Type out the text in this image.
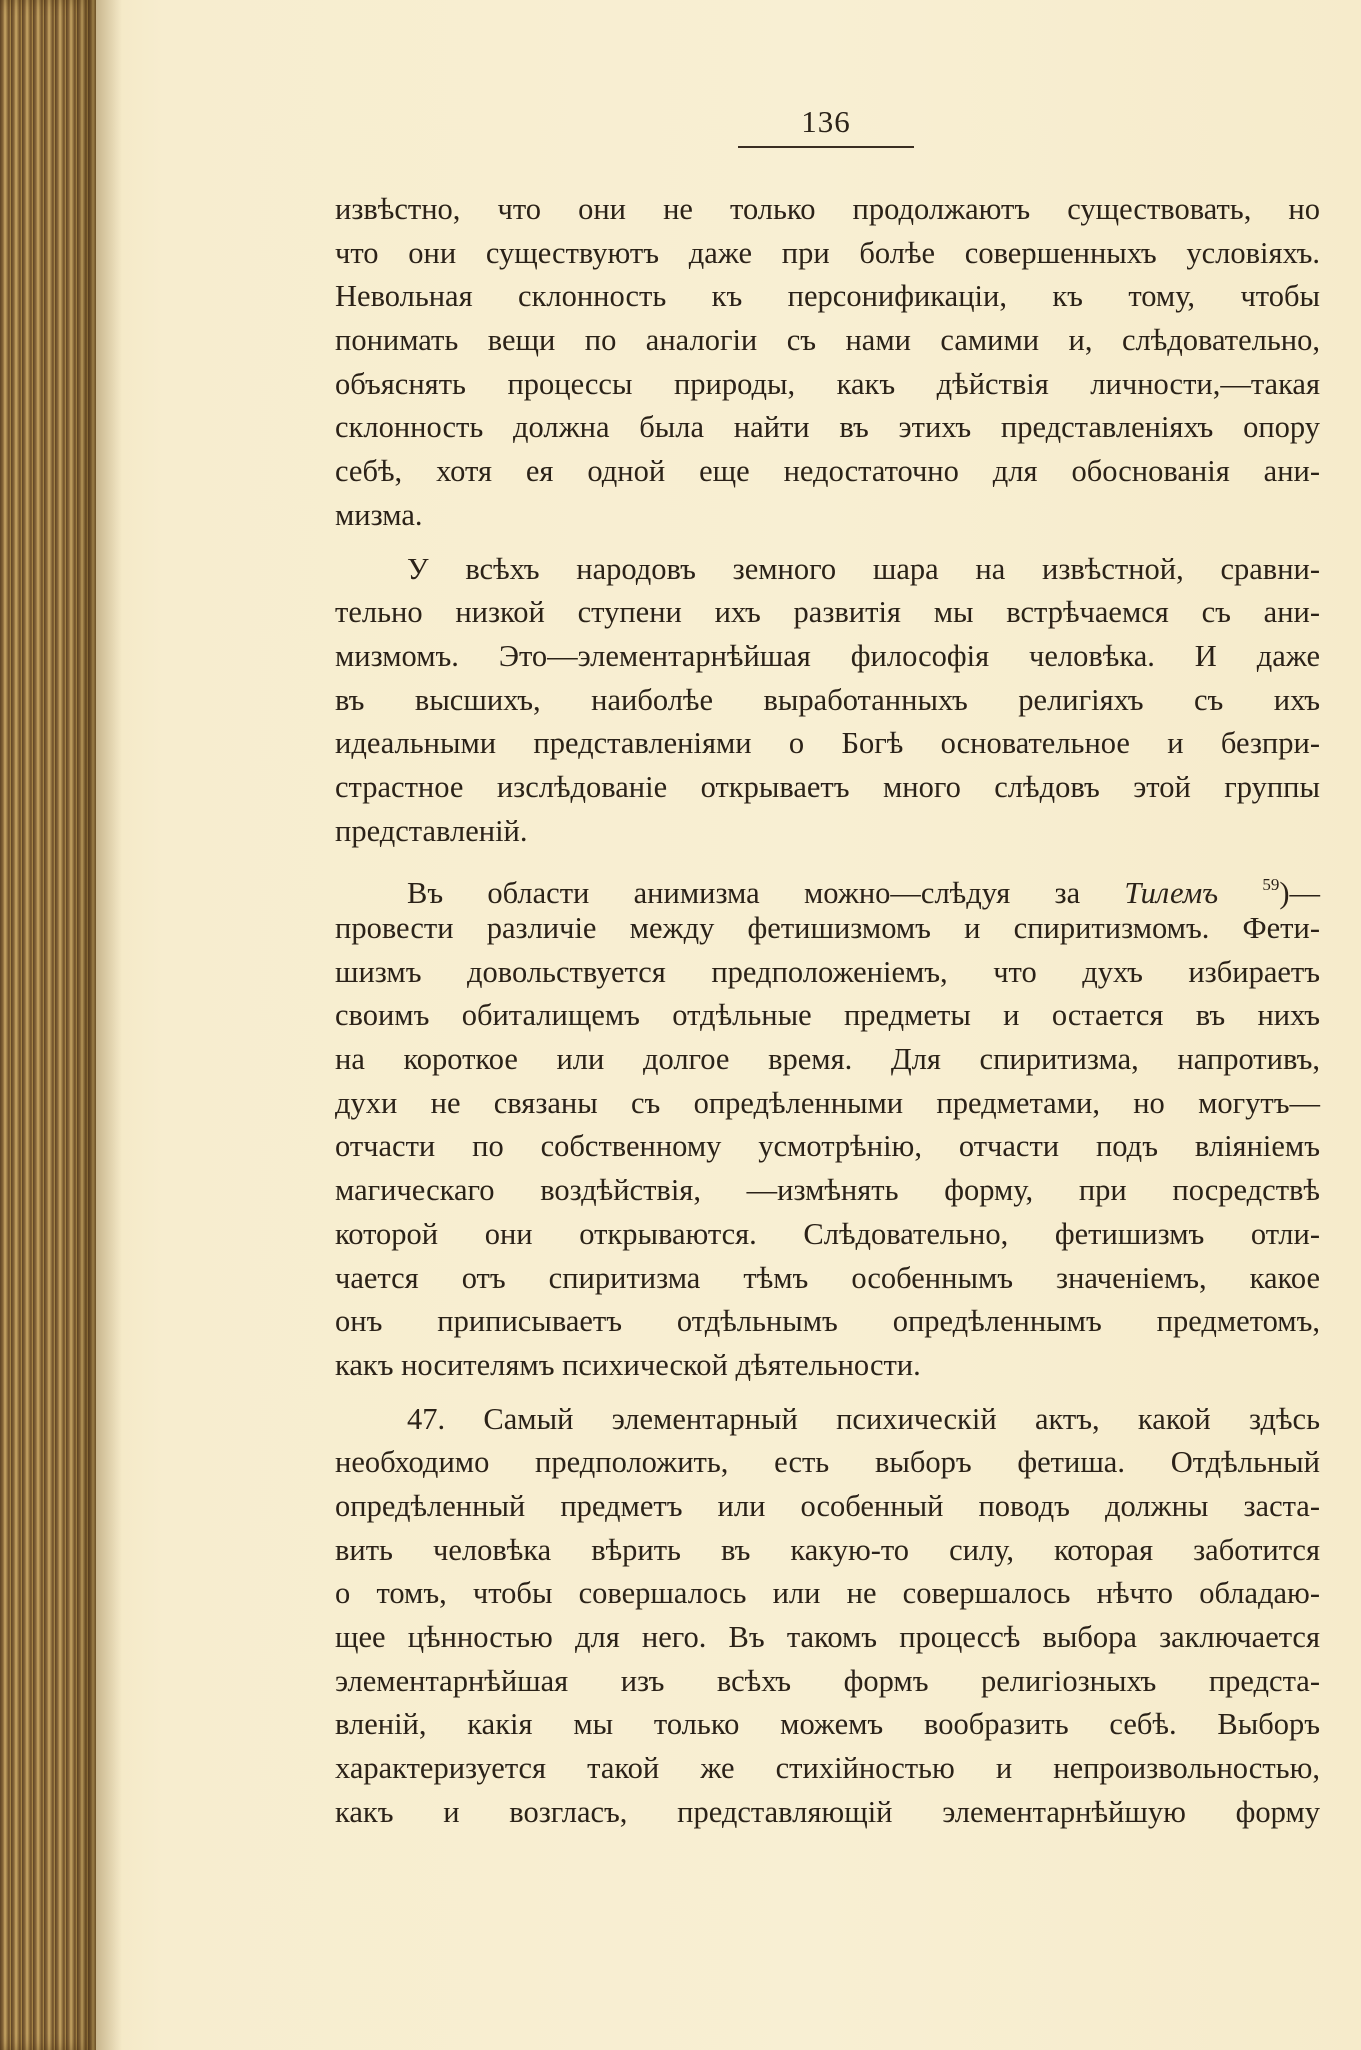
136
извѣстно, что они не только продолжаютъ существовать, но
что они существуютъ даже при болѣе совершенныхъ условіяхъ.
Невольная склонность къ персонификаціи, къ тому, чтобы
понимать вещи по аналогіи съ нами самими и, слѣдовательно,
объяснять процессы природы, какъ дѣйствія личности,—такая
склонность должна была найти въ этихъ представленіяхъ опору
себѣ, хотя ея одной еще недостаточно для обоснованія ани-
мизма.
У всѣхъ народовъ земного шара на извѣстной, сравни-
тельно низкой ступени ихъ развитія мы встрѣчаемся съ ани-
мизмомъ. Это—элементарнѣйшая философія человѣка. И даже
въ высшихъ, наиболѣе выработанныхъ религіяхъ съ ихъ
идеальными представленіями о Богѣ основательное и безпри-
страстное изслѣдованіе открываетъ много слѣдовъ этой группы
представленій.
Въ области анимизма можно—слѣдуя за Тилемъ	$^{59}$)—
провести различіе между фетишизмомъ и спиритизмомъ. Фети-
шизмъ довольствуется предположеніемъ, что духъ избираетъ
своимъ обиталищемъ отдѣльные предметы и остается въ нихъ
на короткое или долгое время. Для спиритизма, напротивъ,
духи не связаны съ опредѣленными предметами, но могутъ—
отчасти по собственному усмотрѣнію, отчасти подъ вліяніемъ
магическаго воздѣйствія, —измѣнять форму, при посредствѣ
которой они открываются. Слѣдовательно, фетишизмъ отли-
чается отъ спиритизма тѣмъ особеннымъ значеніемъ, какое
онъ приписываетъ отдѣльнымъ опредѣленнымъ предметомъ,
какъ носителямъ психической дѣятельности.
47. Самый элементарный психическій актъ, какой здѣсь
необходимо предположить, есть выборъ фетиша. Отдѣльный
опредѣленный предметъ или особенный поводъ должны заста-
вить человѣка вѣрить въ какую-то силу, которая заботится
о томъ, чтобы совершалось или не совершалось нѣчто обладаю-
щее цѣнностью для него. Въ такомъ процессѣ выбора заключается
элементарнѣйшая изъ всѣхъ формъ религіозныхъ предста-
вленій, какія мы только можемъ вообразить себѣ. Выборъ
характеризуется такой же стихійностью и непроизвольностью,
какъ и возгласъ, представляющій элементарнѣйшую форму
